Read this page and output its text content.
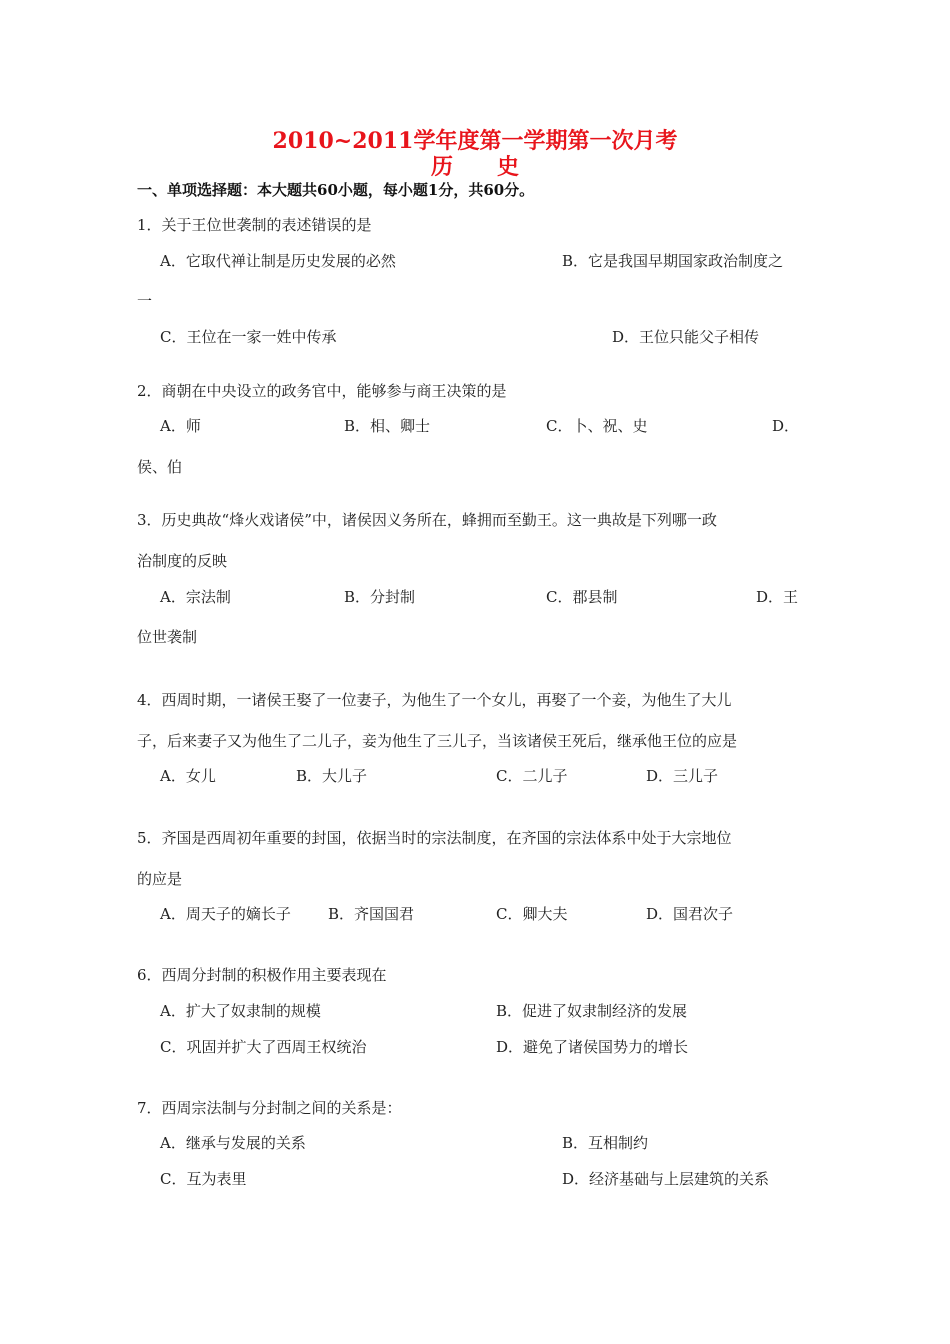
2010~2011学年度第一学期第一次月考
历　　史
一、单项选择题：本大题共60小题，每小题1分，共60分。
1．关于王位世袭制的表述错误的是
A．它取代禅让制是历史发展的必然	B．它是我国早期国家政治制度之
一
C．王位在一家一姓中传承	D．王位只能父子相传
2．商朝在中央设立的政务官中，能够参与商王决策的是
A．师	B．相、卿士	C．卜、祝、史	D．
侯、伯
3．历史典故“烽火戏诸侯”中，诸侯因义务所在，蜂拥而至勤王。这一典故是下列哪一政
治制度的反映
A．宗法制	B．分封制	C．郡县制	D．王
位世袭制
4．西周时期，一诸侯王娶了一位妻子，为他生了一个女儿，再娶了一个妾，为他生了大儿
子，后来妻子又为他生了二儿子，妾为他生了三儿子，当该诸侯王死后，继承他王位的应是
A．女儿	B．大儿子	C．二儿子	D．三儿子
5．齐国是西周初年重要的封国，依据当时的宗法制度，在齐国的宗法体系中处于大宗地位
的应是
A．周天子的嫡长子 B．齐国国君	C．卿大夫	D．国君次子
6．西周分封制的积极作用主要表现在
A．扩大了奴隶制的规模	B．促进了奴隶制经济的发展
C．巩固并扩大了西周王权统治	D．避免了诸侯国势力的增长
7．西周宗法制与分封制之间的关系是：
A．继承与发展的关系	B．互相制约
C．互为表里	D．经济基础与上层建筑的关系
